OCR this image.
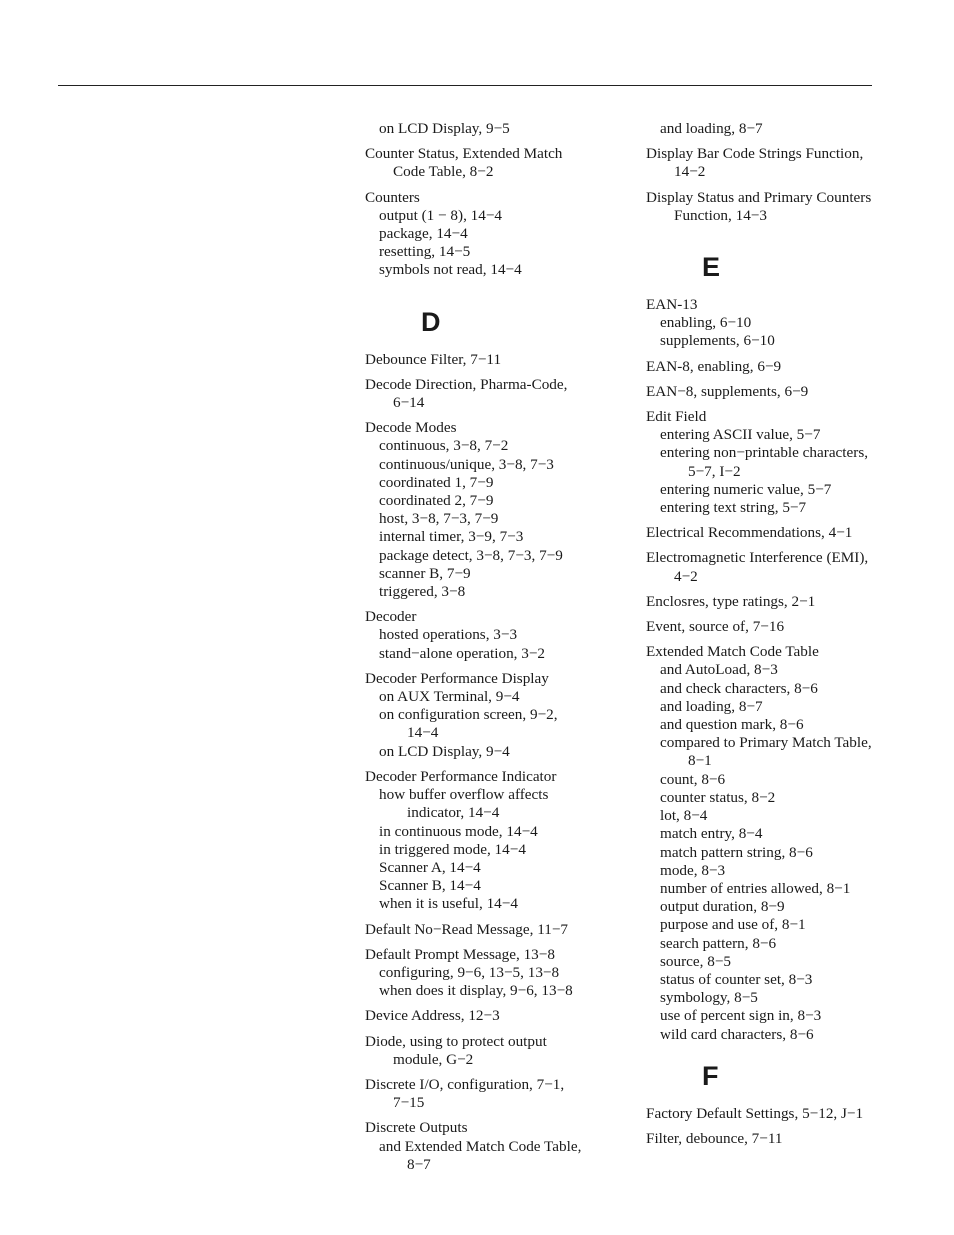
on LCD Display, 9−5
Counter Status, Extended Match
Code Table, 8−2
Counters
output (1 − 8), 14−4
package, 14−4
resetting, 14−5
symbols not read, 14−4
D
Debounce Filter, 7−11
Decode Direction, Pharma-Code,
6−14
Decode Modes
continuous, 3−8, 7−2
continuous/unique, 3−8, 7−3
coordinated 1, 7−9
coordinated 2, 7−9
host, 3−8, 7−3, 7−9
internal timer, 3−9, 7−3
package detect, 3−8, 7−3, 7−9
scanner B, 7−9
triggered, 3−8
Decoder
hosted operations, 3−3
stand−alone operation, 3−2
Decoder Performance Display
on AUX Terminal, 9−4
on configuration screen, 9−2,
14−4
on LCD Display, 9−4
Decoder Performance Indicator
how buffer overflow affects
indicator, 14−4
in continuous mode, 14−4
in triggered mode, 14−4
Scanner A, 14−4
Scanner B, 14−4
when it is useful, 14−4
Default No−Read Message, 11−7
Default Prompt Message, 13−8
configuring, 9−6, 13−5, 13−8
when does it display, 9−6, 13−8
Device Address, 12−3
Diode, using to protect output
module, G−2
Discrete I/O, configuration, 7−1,
7−15
Discrete Outputs
and Extended Match Code Table,
8−7
and loading, 8−7
Display Bar Code Strings Function,
14−2
Display Status and Primary Counters
Function, 14−3
E
EAN-13
enabling, 6−10
supplements, 6−10
EAN-8, enabling, 6−9
EAN−8, supplements, 6−9
Edit Field
entering ASCII value, 5−7
entering non−printable characters,
5−7, I−2
entering numeric value, 5−7
entering text string, 5−7
Electrical Recommendations, 4−1
Electromagnetic Interference (EMI),
4−2
Enclosres, type ratings, 2−1
Event, source of, 7−16
Extended Match Code Table
and AutoLoad, 8−3
and check characters, 8−6
and loading, 8−7
and question mark, 8−6
compared to Primary Match Table,
8−1
count, 8−6
counter status, 8−2
lot, 8−4
match entry, 8−4
match pattern string, 8−6
mode, 8−3
number of entries allowed, 8−1
output duration, 8−9
purpose and use of, 8−1
search pattern, 8−6
source, 8−5
status of counter set, 8−3
symbology, 8−5
use of percent sign in, 8−3
wild card characters, 8−6
F
Factory Default Settings, 5−12, J−1
Filter, debounce, 7−11
